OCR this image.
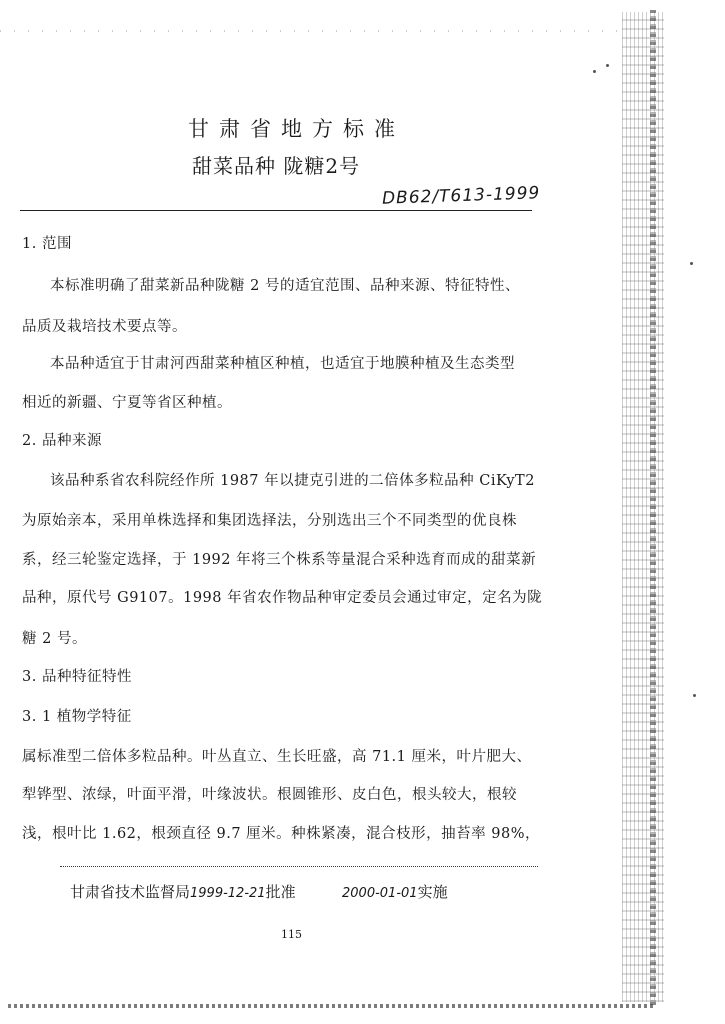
甘肃省地方标准
甜菜品种 陇糖2号
DB62/T613-1999
1. 范围
本标准明确了甜菜新品种陇糖 2 号的适宜范围、品种来源、特征特性、
品质及栽培技术要点等。
本品种适宜于甘肃河西甜菜种植区种植，也适宜于地膜种植及生态类型
相近的新疆、宁夏等省区种植。
2. 品种来源
该品种系省农科院经作所 1987 年以捷克引进的二倍体多粒品种 CiKyT2
为原始亲本，采用单株选择和集团选择法，分别选出三个不同类型的优良株
系，经三轮鉴定选择，于 1992 年将三个株系等量混合采种选育而成的甜菜新
品种，原代号 G9107。1998 年省农作物品种审定委员会通过审定，定名为陇
糖 2 号。
3. 品种特征特性
3. 1 植物学特征
属标准型二倍体多粒品种。叶丛直立、生长旺盛，高 71.1 厘米，叶片肥大、
犁铧型、浓绿，叶面平滑，叶缘波状。根圆锥形、皮白色，根头较大，根较
浅，根叶比 1.62，根颈直径 9.7 厘米。种株紧凑，混合枝形，抽苔率 98%，
甘肃省技术监督局1999-12-21批准	2000-01-01实施
115
